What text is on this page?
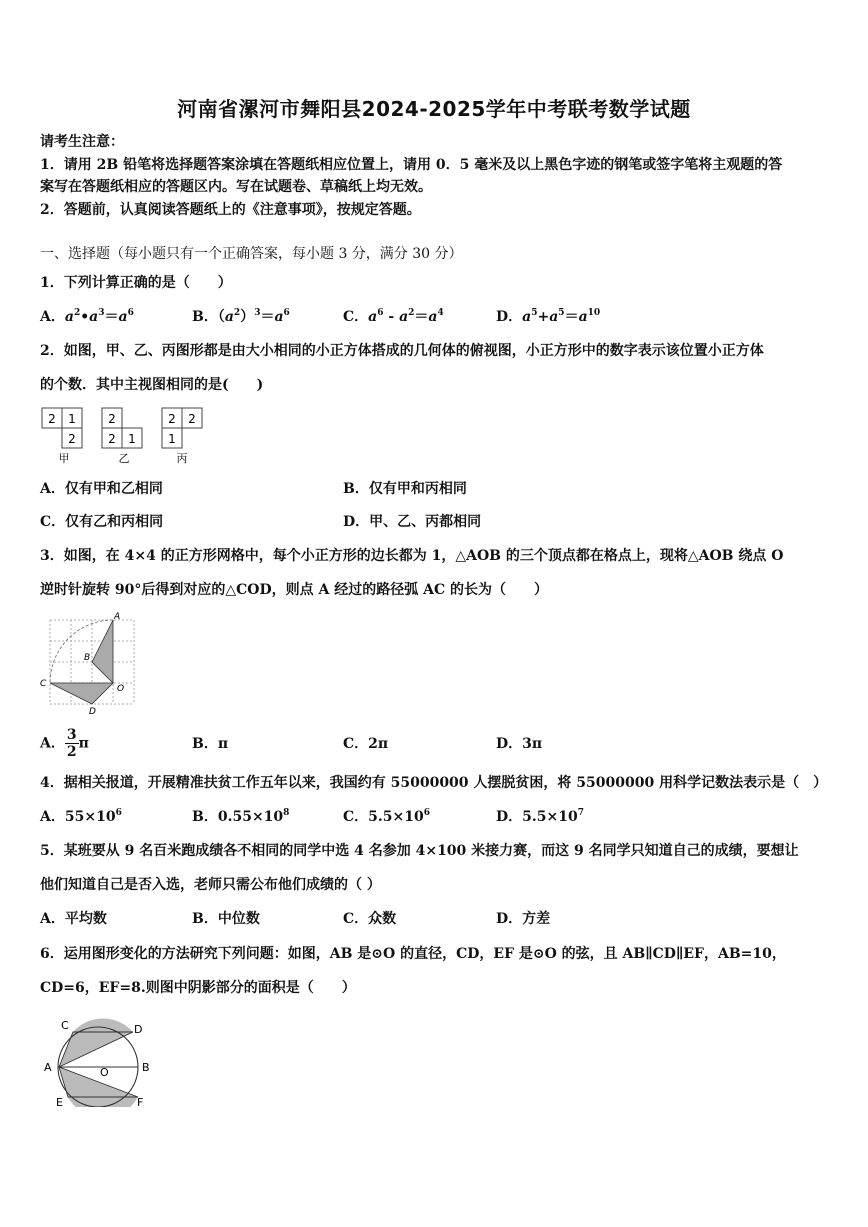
河南省漯河市舞阳县2024-2025学年中考联考数学试题
请考生注意：
1．请用 2B 铅笔将选择题答案涂填在答题纸相应位置上，请用 0．5 毫米及以上黑色字迹的钢笔或签字笔将主观题的答
案写在答题纸相应的答题区内。写在试题卷、草稿纸上均无效。
2．答题前，认真阅读答题纸上的《注意事项》，按规定答题。
一、选择题（每小题只有一个正确答案，每小题 3 分，满分 30 分）
1．下列计算正确的是（　　）
A．$a^2•a^3=a^6$	B．$(a^2)^3=a^6$	C．$a^6 - a^2=a^4$	D．$a^5+a^5=a^{10}$
2．如图，甲、乙、丙图形都是由大小相同的小正方体搭成的几何体的俯视图，小正方形中的数字表示该位置小正方体
的个数．其中主视图相同的是(　　)
2 1
2
甲
2
2 1
乙
2 2
1
丙
A．仅有甲和乙相同	B．仅有甲和丙相同
C．仅有乙和丙相同	D．甲、乙、丙都相同
3．如图，在 4×4 的正方形网格中，每个小正方形的边长都为 1，△AOB 的三个顶点都在格点上，现将△AOB 绕点 O
逆时针旋转 90°后得到对应的△COD，则点 A 经过的路径弧 AC 的长为（　　）
A
B
C	O
D
A． $\frac{3}{2}$ π	B．π	C．2π	D．3π
4．据相关报道，开展精准扶贫工作五年以来，我国约有 55000000 人摆脱贫困，将 55000000 用科学记数法表示是（　）
A．$55\times 10^6$	B．$0.55\times 10^8$	C．$5.5\times 10^6$	D．$5.5\times 10^7$
5．某班要从 9 名百米跑成绩各不相同的同学中选 4 名参加 4×100 米接力赛，而这 9 名同学只知道自己的成绩，要想让
他们知道自己是否入选，老师只需公布他们成绩的（ ）
A．平均数	B．中位数	C．众数	D．方差
6．运用图形变化的方法研究下列问题：如图，AB 是⊙O 的直径，CD，EF 是⊙O 的弦，且 AB∥CD∥EF，AB=10，
CD=6，EF=8.则图中阴影部分的面积是（　　）
C	D
A	O	B
E	F
